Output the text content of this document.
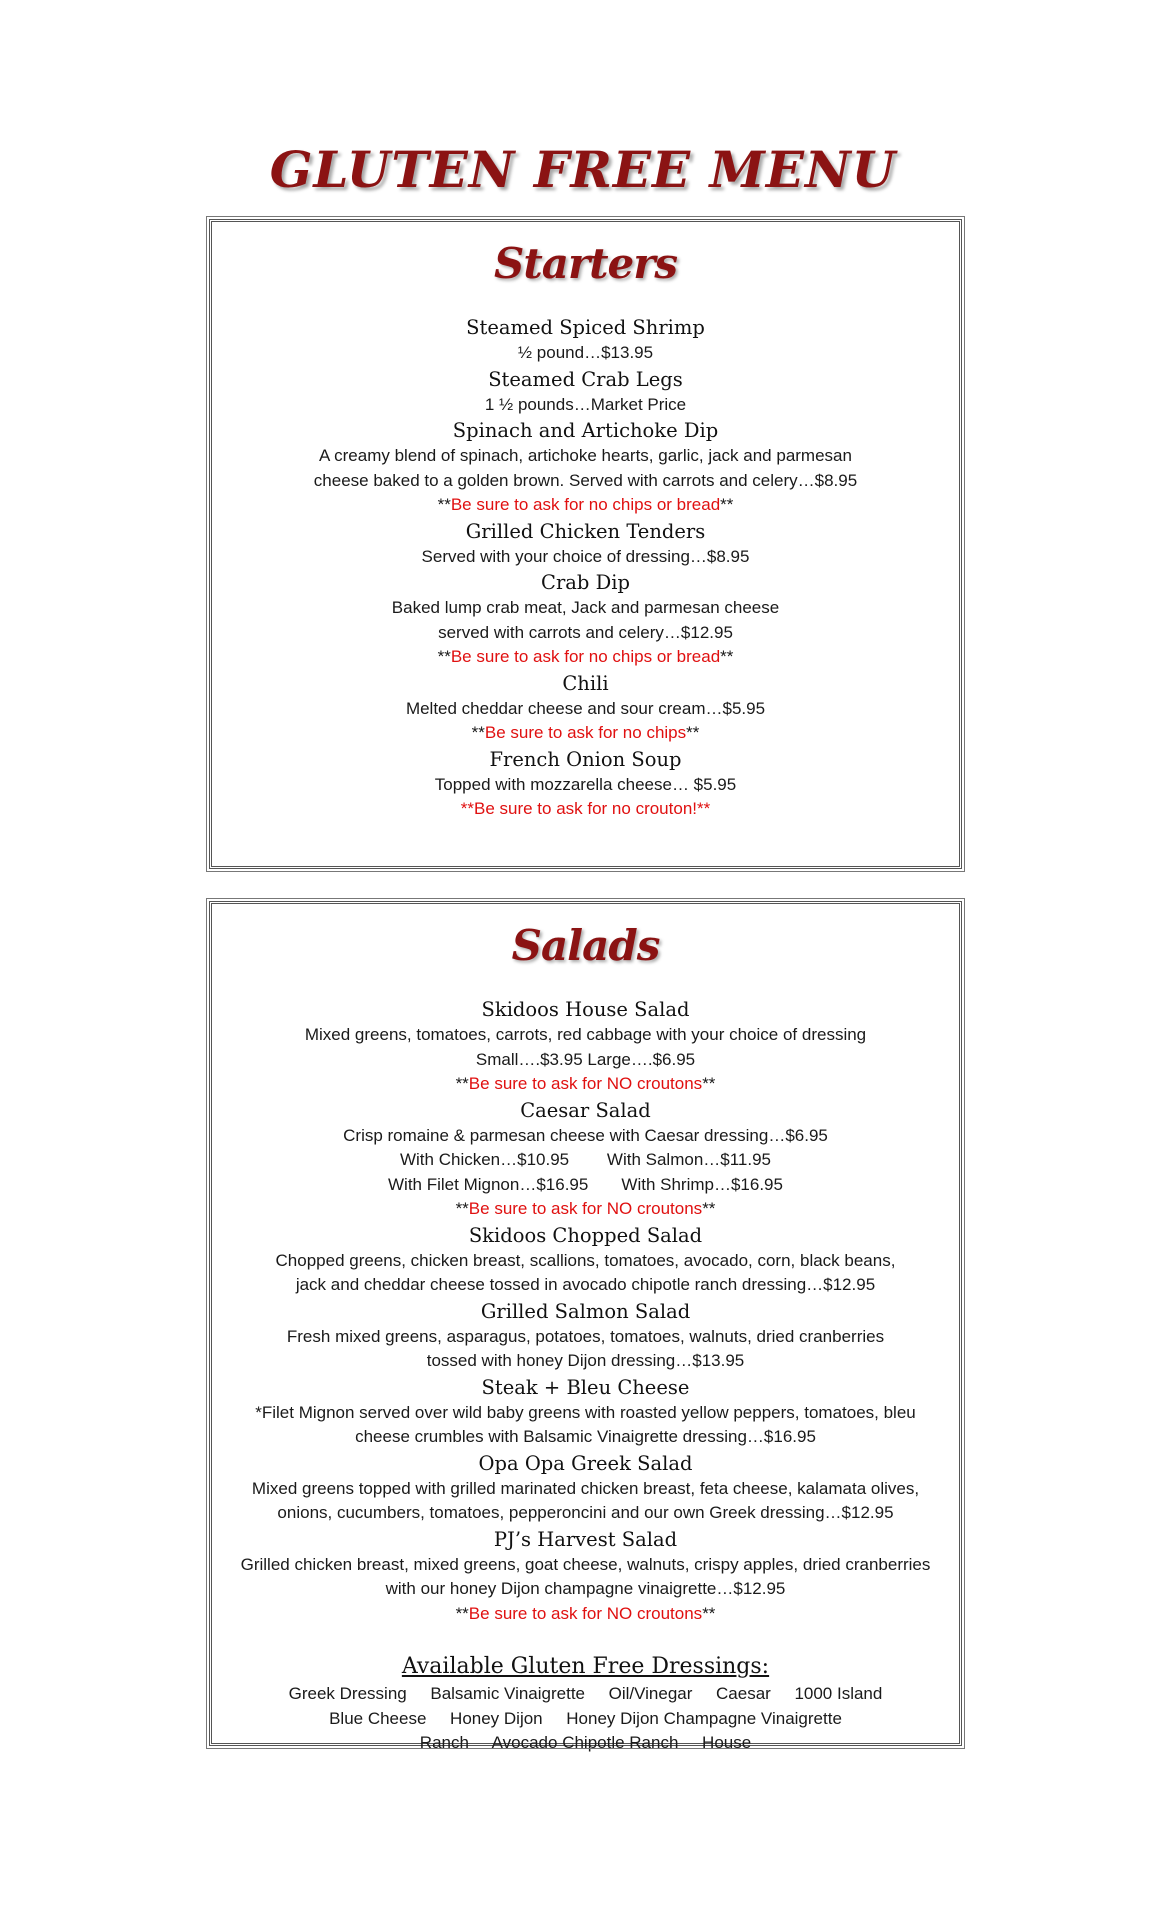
GLUTEN FREE MENU
Starters
Steamed Spiced Shrimp
½ pound…$13.95
Steamed Crab Legs
1 ½ pounds…Market Price
Spinach and Artichoke Dip
A creamy blend of spinach, artichoke hearts, garlic, jack and parmesan
cheese baked to a golden brown. Served with carrots and celery…$8.95
**Be sure to ask for no chips or bread**
Grilled Chicken Tenders
Served with your choice of dressing…$8.95
Crab Dip
Baked lump crab meat, Jack and parmesan cheese
served with carrots and celery…$12.95
**Be sure to ask for no chips or bread**
Chili
Melted cheddar cheese and sour cream…$5.95
**Be sure to ask for no chips**
French Onion Soup
Topped with mozzarella cheese… $5.95
**Be sure to ask for no crouton!**
Salads
Skidoos House Salad
Mixed greens, tomatoes, carrots, red cabbage with your choice of dressing
Small….$3.95 Large….$6.95
**Be sure to ask for NO croutons**
Caesar Salad
Crisp romaine & parmesan cheese with Caesar dressing…$6.95
With Chicken…$10.95        With Salmon…$11.95
With Filet Mignon…$16.95       With Shrimp…$16.95
**Be sure to ask for NO croutons**
Skidoos Chopped Salad
Chopped greens, chicken breast, scallions, tomatoes, avocado, corn, black beans,
jack and cheddar cheese tossed in avocado chipotle ranch dressing…$12.95
Grilled Salmon Salad
Fresh mixed greens, asparagus, potatoes, tomatoes, walnuts, dried cranberries
tossed with honey Dijon dressing…$13.95
Steak + Bleu Cheese
*Filet Mignon served over wild baby greens with roasted yellow peppers, tomatoes, bleu
cheese crumbles with Balsamic Vinaigrette dressing…$16.95
Opa Opa Greek Salad
Mixed greens topped with grilled marinated chicken breast, feta cheese, kalamata olives,
onions, cucumbers, tomatoes, pepperoncini and our own Greek dressing…$12.95
PJ’s Harvest Salad
Grilled chicken breast, mixed greens, goat cheese, walnuts, crispy apples, dried cranberries
with our honey Dijon champagne vinaigrette…$12.95
**Be sure to ask for NO croutons**
Available Gluten Free Dressings:
Greek Dressing     Balsamic Vinaigrette     Oil/Vinegar     Caesar     1000 Island
Blue Cheese     Honey Dijon     Honey Dijon Champagne Vinaigrette
Ranch     Avocado Chipotle Ranch     House
